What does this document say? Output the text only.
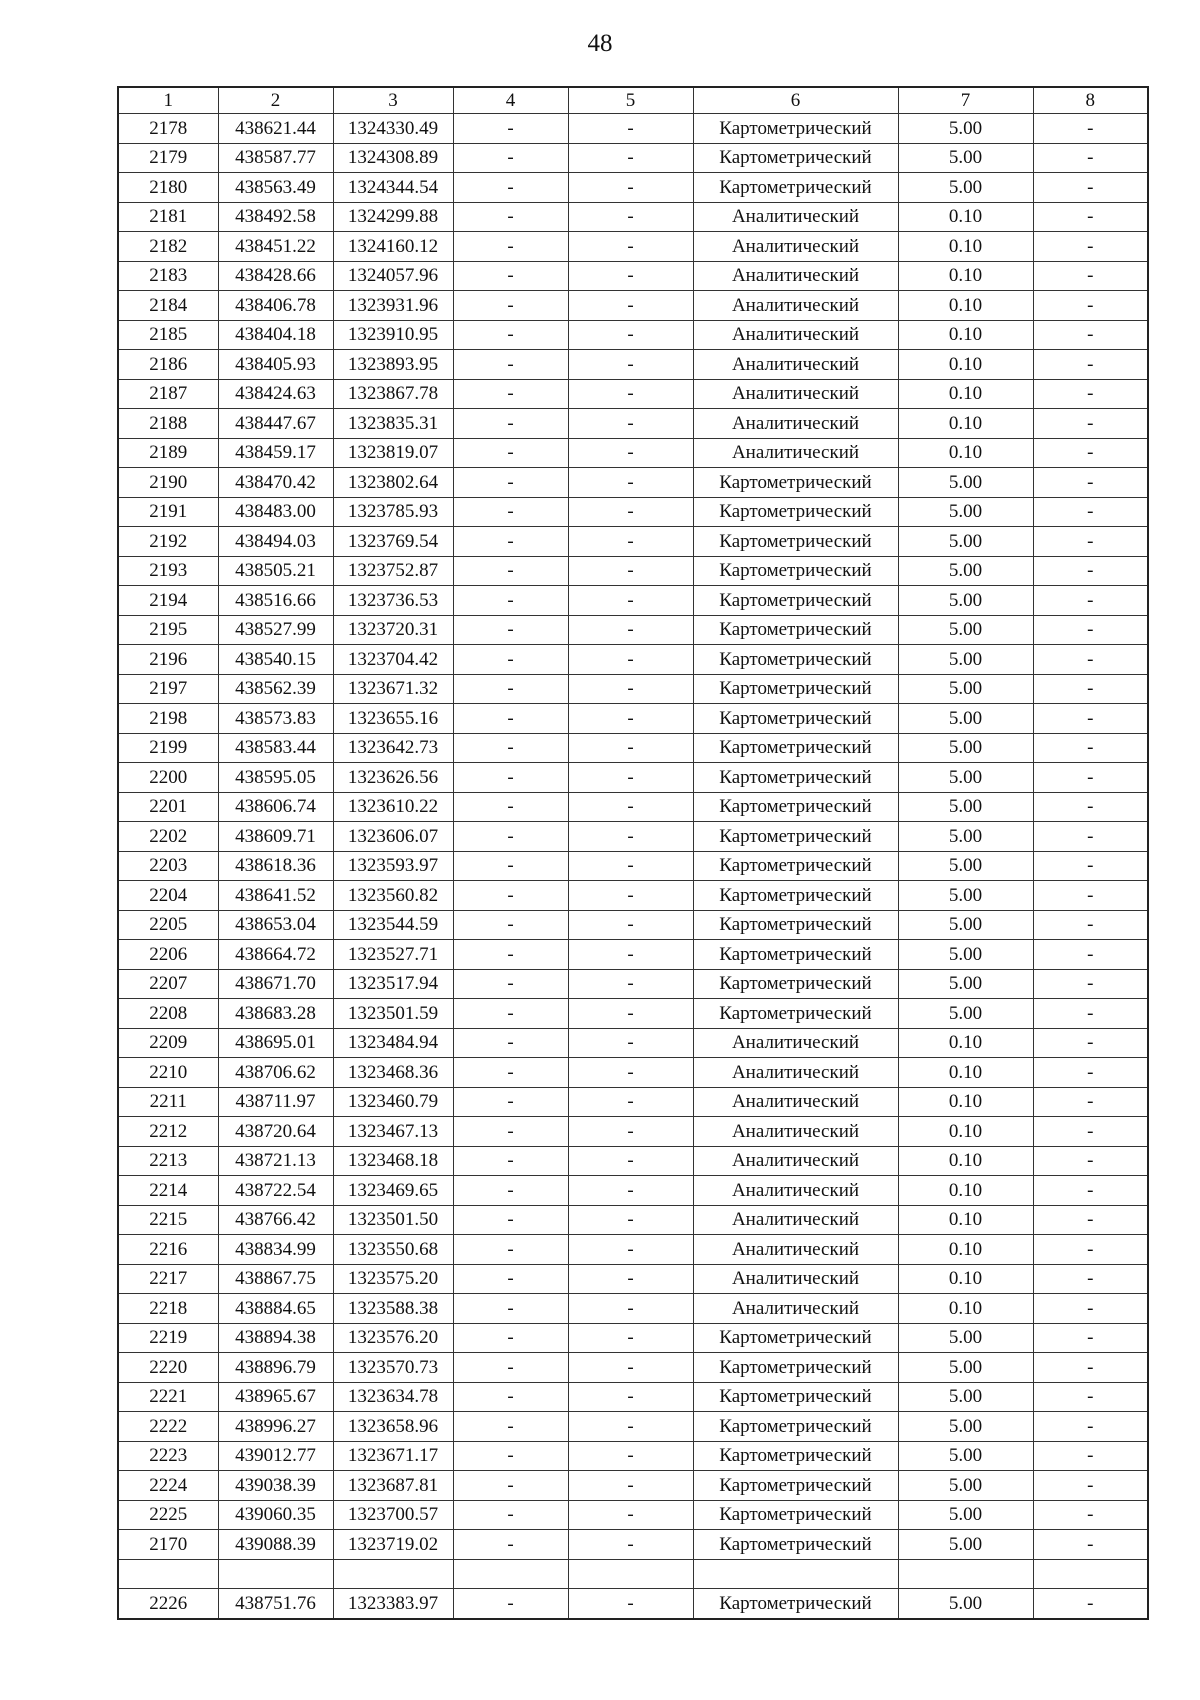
48
1	2	3	4	5	6	7	8
2178	438621.44	1324330.49	-	-	Картометрический	5.00	-
2179	438587.77	1324308.89	-	-	Картометрический	5.00	-
2180	438563.49	1324344.54	-	-	Картометрический	5.00	-
2181	438492.58	1324299.88	-	-	Аналитический	0.10	-
2182	438451.22	1324160.12	-	-	Аналитический	0.10	-
2183	438428.66	1324057.96	-	-	Аналитический	0.10	-
2184	438406.78	1323931.96	-	-	Аналитический	0.10	-
2185	438404.18	1323910.95	-	-	Аналитический	0.10	-
2186	438405.93	1323893.95	-	-	Аналитический	0.10	-
2187	438424.63	1323867.78	-	-	Аналитический	0.10	-
2188	438447.67	1323835.31	-	-	Аналитический	0.10	-
2189	438459.17	1323819.07	-	-	Аналитический	0.10	-
2190	438470.42	1323802.64	-	-	Картометрический	5.00	-
2191	438483.00	1323785.93	-	-	Картометрический	5.00	-
2192	438494.03	1323769.54	-	-	Картометрический	5.00	-
2193	438505.21	1323752.87	-	-	Картометрический	5.00	-
2194	438516.66	1323736.53	-	-	Картометрический	5.00	-
2195	438527.99	1323720.31	-	-	Картометрический	5.00	-
2196	438540.15	1323704.42	-	-	Картометрический	5.00	-
2197	438562.39	1323671.32	-	-	Картометрический	5.00	-
2198	438573.83	1323655.16	-	-	Картометрический	5.00	-
2199	438583.44	1323642.73	-	-	Картометрический	5.00	-
2200	438595.05	1323626.56	-	-	Картометрический	5.00	-
2201	438606.74	1323610.22	-	-	Картометрический	5.00	-
2202	438609.71	1323606.07	-	-	Картометрический	5.00	-
2203	438618.36	1323593.97	-	-	Картометрический	5.00	-
2204	438641.52	1323560.82	-	-	Картометрический	5.00	-
2205	438653.04	1323544.59	-	-	Картометрический	5.00	-
2206	438664.72	1323527.71	-	-	Картометрический	5.00	-
2207	438671.70	1323517.94	-	-	Картометрический	5.00	-
2208	438683.28	1323501.59	-	-	Картометрический	5.00	-
2209	438695.01	1323484.94	-	-	Аналитический	0.10	-
2210	438706.62	1323468.36	-	-	Аналитический	0.10	-
2211	438711.97	1323460.79	-	-	Аналитический	0.10	-
2212	438720.64	1323467.13	-	-	Аналитический	0.10	-
2213	438721.13	1323468.18	-	-	Аналитический	0.10	-
2214	438722.54	1323469.65	-	-	Аналитический	0.10	-
2215	438766.42	1323501.50	-	-	Аналитический	0.10	-
2216	438834.99	1323550.68	-	-	Аналитический	0.10	-
2217	438867.75	1323575.20	-	-	Аналитический	0.10	-
2218	438884.65	1323588.38	-	-	Аналитический	0.10	-
2219	438894.38	1323576.20	-	-	Картометрический	5.00	-
2220	438896.79	1323570.73	-	-	Картометрический	5.00	-
2221	438965.67	1323634.78	-	-	Картометрический	5.00	-
2222	438996.27	1323658.96	-	-	Картометрический	5.00	-
2223	439012.77	1323671.17	-	-	Картометрический	5.00	-
2224	439038.39	1323687.81	-	-	Картометрический	5.00	-
2225	439060.35	1323700.57	-	-	Картометрический	5.00	-
2170	439088.39	1323719.02	-	-	Картометрический	5.00	-

2226	438751.76	1323383.97	-	-	Картометрический	5.00	-
